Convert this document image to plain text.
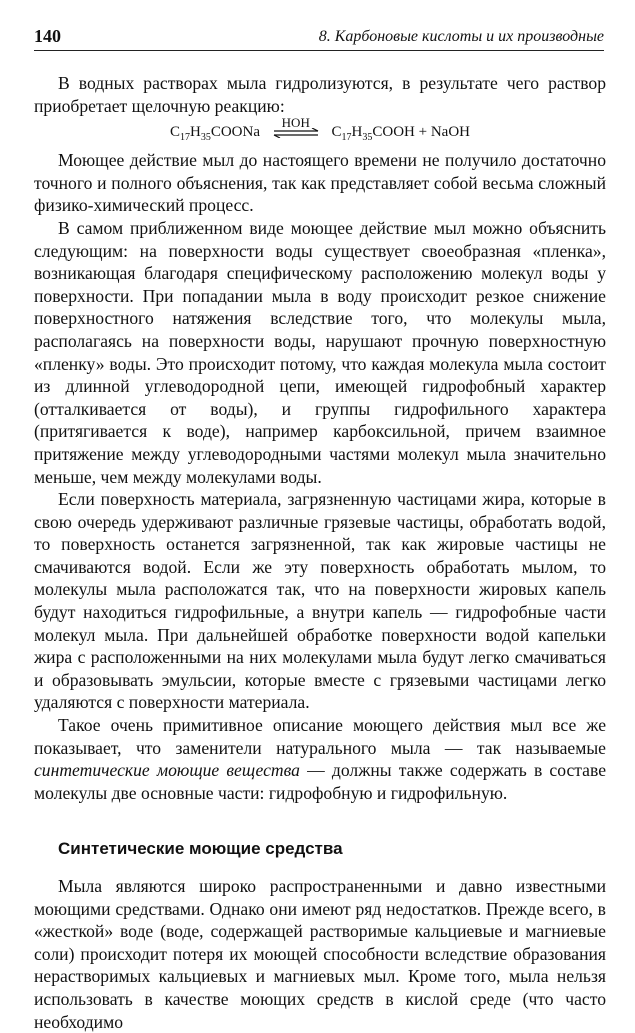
140	8. Карбоновые кислоты и их производные

В водных растворах мыла гидролизуются, в результате чего раствор приобретает щелочную реакцию:

$C_{17}H_{35}COONa$
HOH
$C_{17}H_{35}COOH$ + NaOH

Моющее действие мыл до настоящего времени не получило достаточно точного и полного объяснения, так как представляет собой весьма сложный физико-химический процесс.

В самом приближенном виде моющее действие мыл можно объяснить следующим: на поверхности воды существует своеобразная «пленка», возникающая благодаря специфическому расположению молекул воды у поверхности. При попадании мыла в воду происходит резкое снижение поверхностного натяжения вследствие того, что молекулы мыла, располагаясь на поверхности воды, нарушают прочную поверхностную «пленку» воды. Это происходит потому, что каждая молекула мыла состоит из длинной углеводородной цепи, имеющей гидрофобный характер (отталкивается от воды), и группы гидрофильного характера (притягивается к воде), например карбоксильной, причем взаимное притяжение между углеводородными частями молекул мыла значительно меньше, чем между молекулами воды.

Если поверхность материала, загрязненную частицами жира, которые в свою очередь удерживают различные грязевые частицы, обработать водой, то поверхность останется загрязненной, так как жировые частицы не смачиваются водой. Если же эту поверхность обработать мылом, то молекулы мыла расположатся так, что на поверхности жировых капель будут находиться гидрофильные, а внутри капель — гидрофобные части молекул мыла. При дальнейшей обработке поверхности водой капельки жира с расположенными на них молекулами мыла будут легко смачиваться и образовывать эмульсии, которые вместе с грязевыми частицами легко удаляются с поверхности материала.

Такое очень примитивное описание моющего действия мыл все же показывает, что заменители натурального мыла — так называемые синтетические моющие вещества — должны также содержать в составе молекулы две основные части: гидрофобную и гидрофильную.

Синтетические моющие средства

Мыла являются широко распространенными и давно известными моющими средствами. Однако они имеют ряд недостатков. Прежде всего, в «жесткой» воде (воде, содержащей растворимые кальциевые и магниевые соли) происходит потеря их моющей способности вследствие образования нерастворимых кальциевых и магниевых мыл. Кроме того, мыла нельзя использовать в качестве моющих средств в кислой среде (что часто необходимо
